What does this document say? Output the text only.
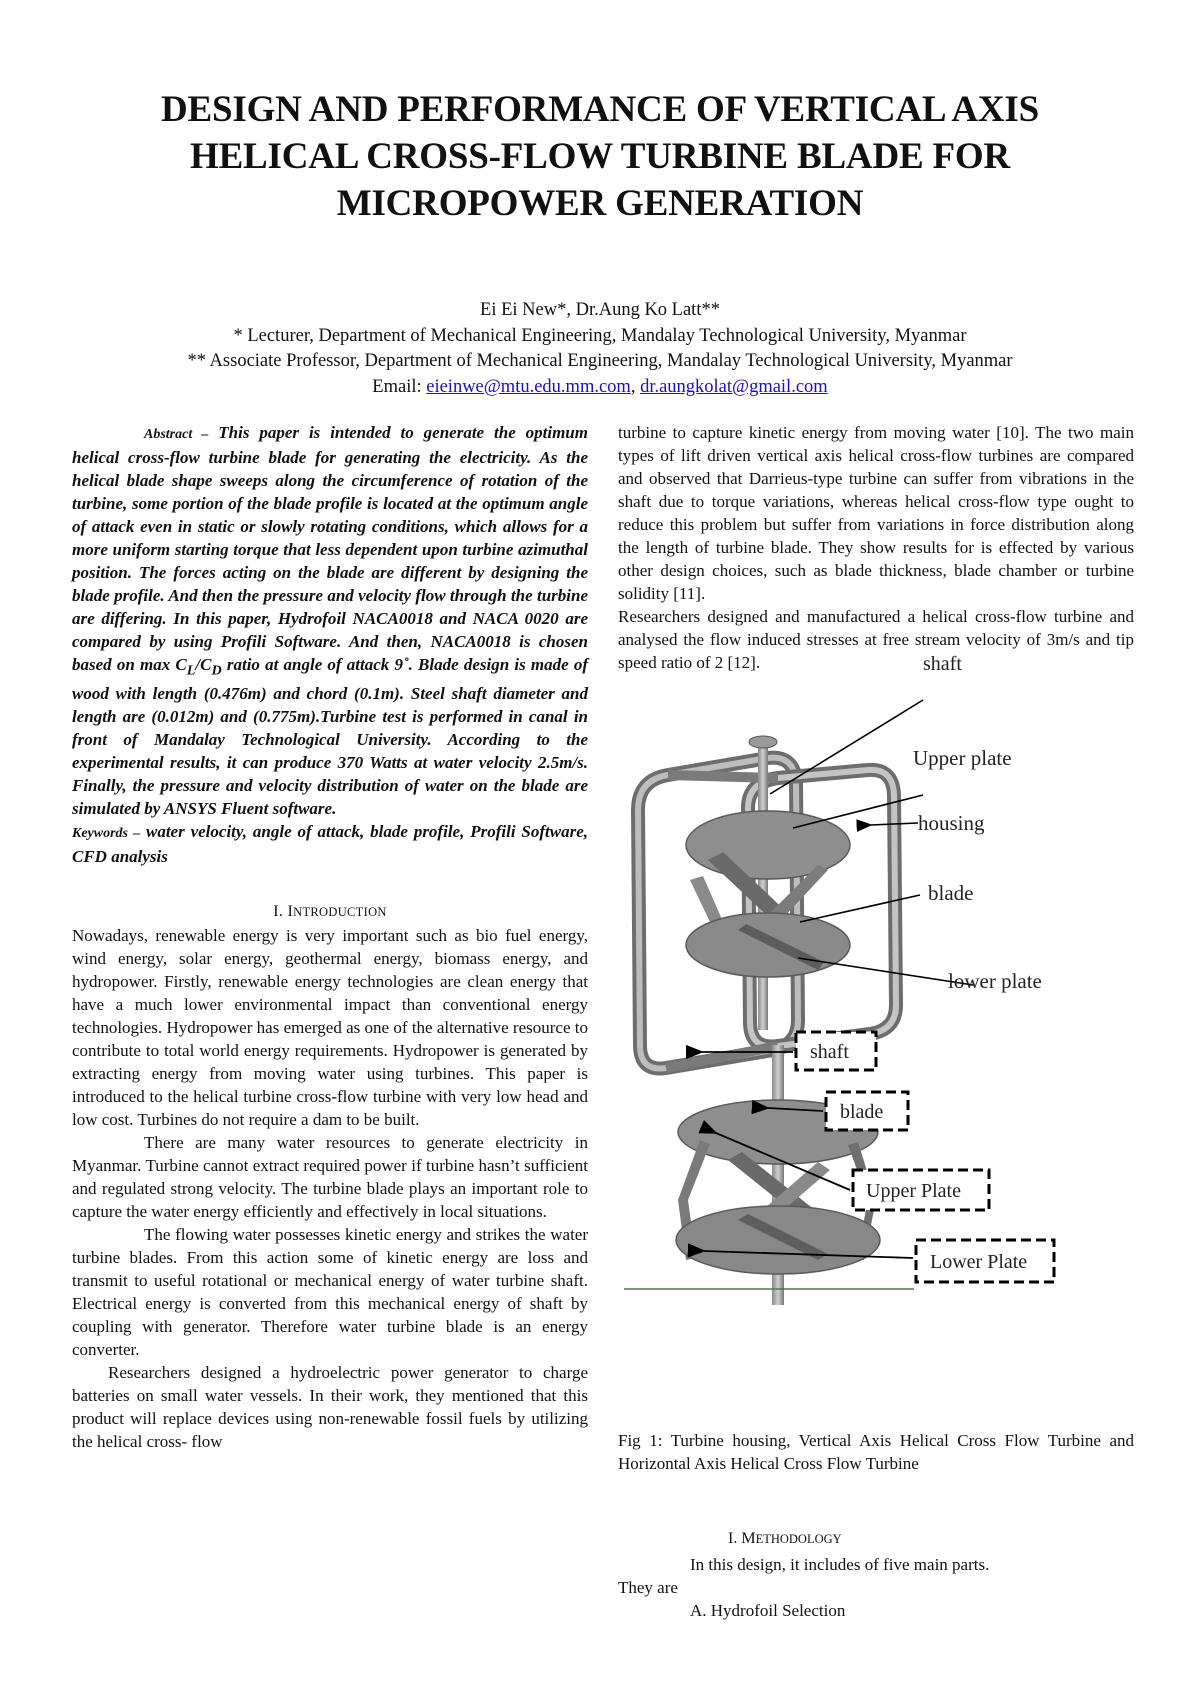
DESIGN AND PERFORMANCE OF VERTICAL AXIS
HELICAL CROSS-FLOW TURBINE BLADE FOR
MICROPOWER GENERATION
Ei Ei New*, Dr.Aung Ko Latt**
* Lecturer, Department of Mechanical Engineering, Mandalay Technological University, Myanmar
** Associate Professor, Department of Mechanical Engineering, Mandalay Technological University, Myanmar
Email: eieinwe@mtu.edu.mm.com, dr.aungkolat@gmail.com

Abstract – This paper is intended to generate the optimum helical cross-flow turbine blade for generating the electricity. As the helical blade shape sweeps along the circumference of rotation of the turbine, some portion of the blade profile is located at the optimum angle of attack even in static or slowly rotating conditions, which allows for a more uniform starting torque that less dependent upon turbine azimuthal position. The forces acting on the blade are different by designing the blade profile. And then the pressure and velocity flow through the turbine are differing. In this paper, Hydrofoil NACA0018 and NACA 0020 are compared by using Profili Software. And then, NACA0018 is chosen based on $\max C_L/C_D$ ratio at angle of attack 9˚. Blade design is made of wood with length (0.476m) and chord (0.1m). Steel shaft diameter and length are (0.012m) and (0.775m).Turbine test is performed in canal in front of Mandalay Technological University. According to the experimental results, it can produce 370 Watts at water velocity 2.5m/s. Finally, the pressure and velocity distribution of water on the blade are simulated by ANSYS Fluent software.

Keywords – water velocity, angle of attack, blade profile, Profili Software, CFD analysis

I. INTRODUCTION

Nowadays, renewable energy is very important such as bio fuel energy, wind energy, solar energy, geothermal energy, biomass energy, and hydropower. Firstly, renewable energy technologies are clean energy that have a much lower environmental impact than conventional energy technologies. Hydropower has emerged as one of the alternative resource to contribute to total world energy requirements. Hydropower is generated by extracting energy from moving water using turbines. This paper is introduced to the helical turbine cross-flow turbine with very low head and low cost. Turbines do not require a dam to be built.

There are many water resources to generate electricity in Myanmar. Turbine cannot extract required power if turbine hasn’t sufficient and regulated strong velocity. The turbine blade plays an important role to capture the water energy efficiently and effectively in local situations.

The flowing water possesses kinetic energy and strikes the water turbine blades. From this action some of kinetic energy are loss and transmit to useful rotational or mechanical energy of water turbine shaft. Electrical energy is converted from this mechanical energy of shaft by coupling with generator. Therefore water turbine blade is an energy converter.

Researchers designed a hydroelectric power generator to charge batteries on small water vessels. In their work, they mentioned that this product will replace devices using non-renewable fossil fuels by utilizing the helical cross- flow

turbine to capture kinetic energy from moving water [10]. The two main types of lift driven vertical axis helical cross-flow turbines are compared and observed that Darrieus-type turbine can suffer from vibrations in the shaft due to torque variations, whereas helical cross-flow type ought to reduce this problem but suffer from variations in force distribution along the length of turbine blade. They show results for is effected by various other design choices, such as blade thickness, blade chamber or turbine solidity [11].

Researchers designed and manufactured a helical cross-flow turbine and analysed the flow induced stresses at free stream velocity of 3m/s and tip speed ratio of 2 [12].	shaft
Upper plate
housing
blade
lower plate
shaft
blade
Upper Plate
Lower Plate

Fig 1: Turbine housing, Vertical Axis Helical Cross Flow Turbine and Horizontal Axis Helical Cross Flow Turbine

I. METHODOLOGY

In this design, it includes of five main parts.

They are

A. Hydrofoil Selection
